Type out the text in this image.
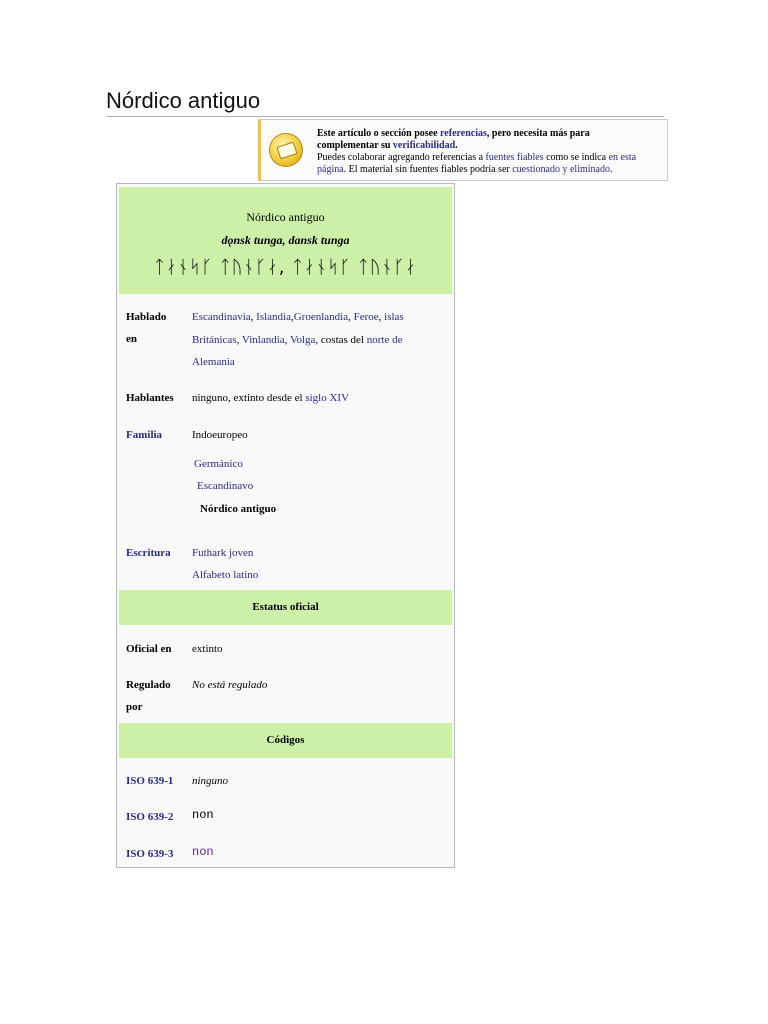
Nórdico antiguo
Este artículo o sección posee referencias, pero necesita más para
complementar su verificabilidad.
Puedes colaborar agregando referencias a fuentes fiables como se indica en esta
página. El material sin fuentes fiables podría ser cuestionado y eliminado.
Nórdico antiguo
dǫnsk tunga, dansk tunga
ᛏᛅᚾᛋᚴ ᛏᚢᚾᚴᛅ, ᛏᛅᚾᛋᚴ ᛏᚢᚾᚴᛅ
Hablado
en
Escandinavia, Islandia,Groenlandia, Feroe, islas Británicas, Vinlandia, Volga, costas del norte de Alemania
Hablantes ninguno, extinto desde el siglo XIV
Familia	Indoeuropeo
Germánico
Escandinavo
Nórdico antiguo
Escritura Futhark joven
Alfabeto latino
Estatus oficial
Oficial en extinto
Regulado
por
No está regulado
Códigos
ISO 639-1 ninguno
ISO 639-2 non
ISO 639-3 non
